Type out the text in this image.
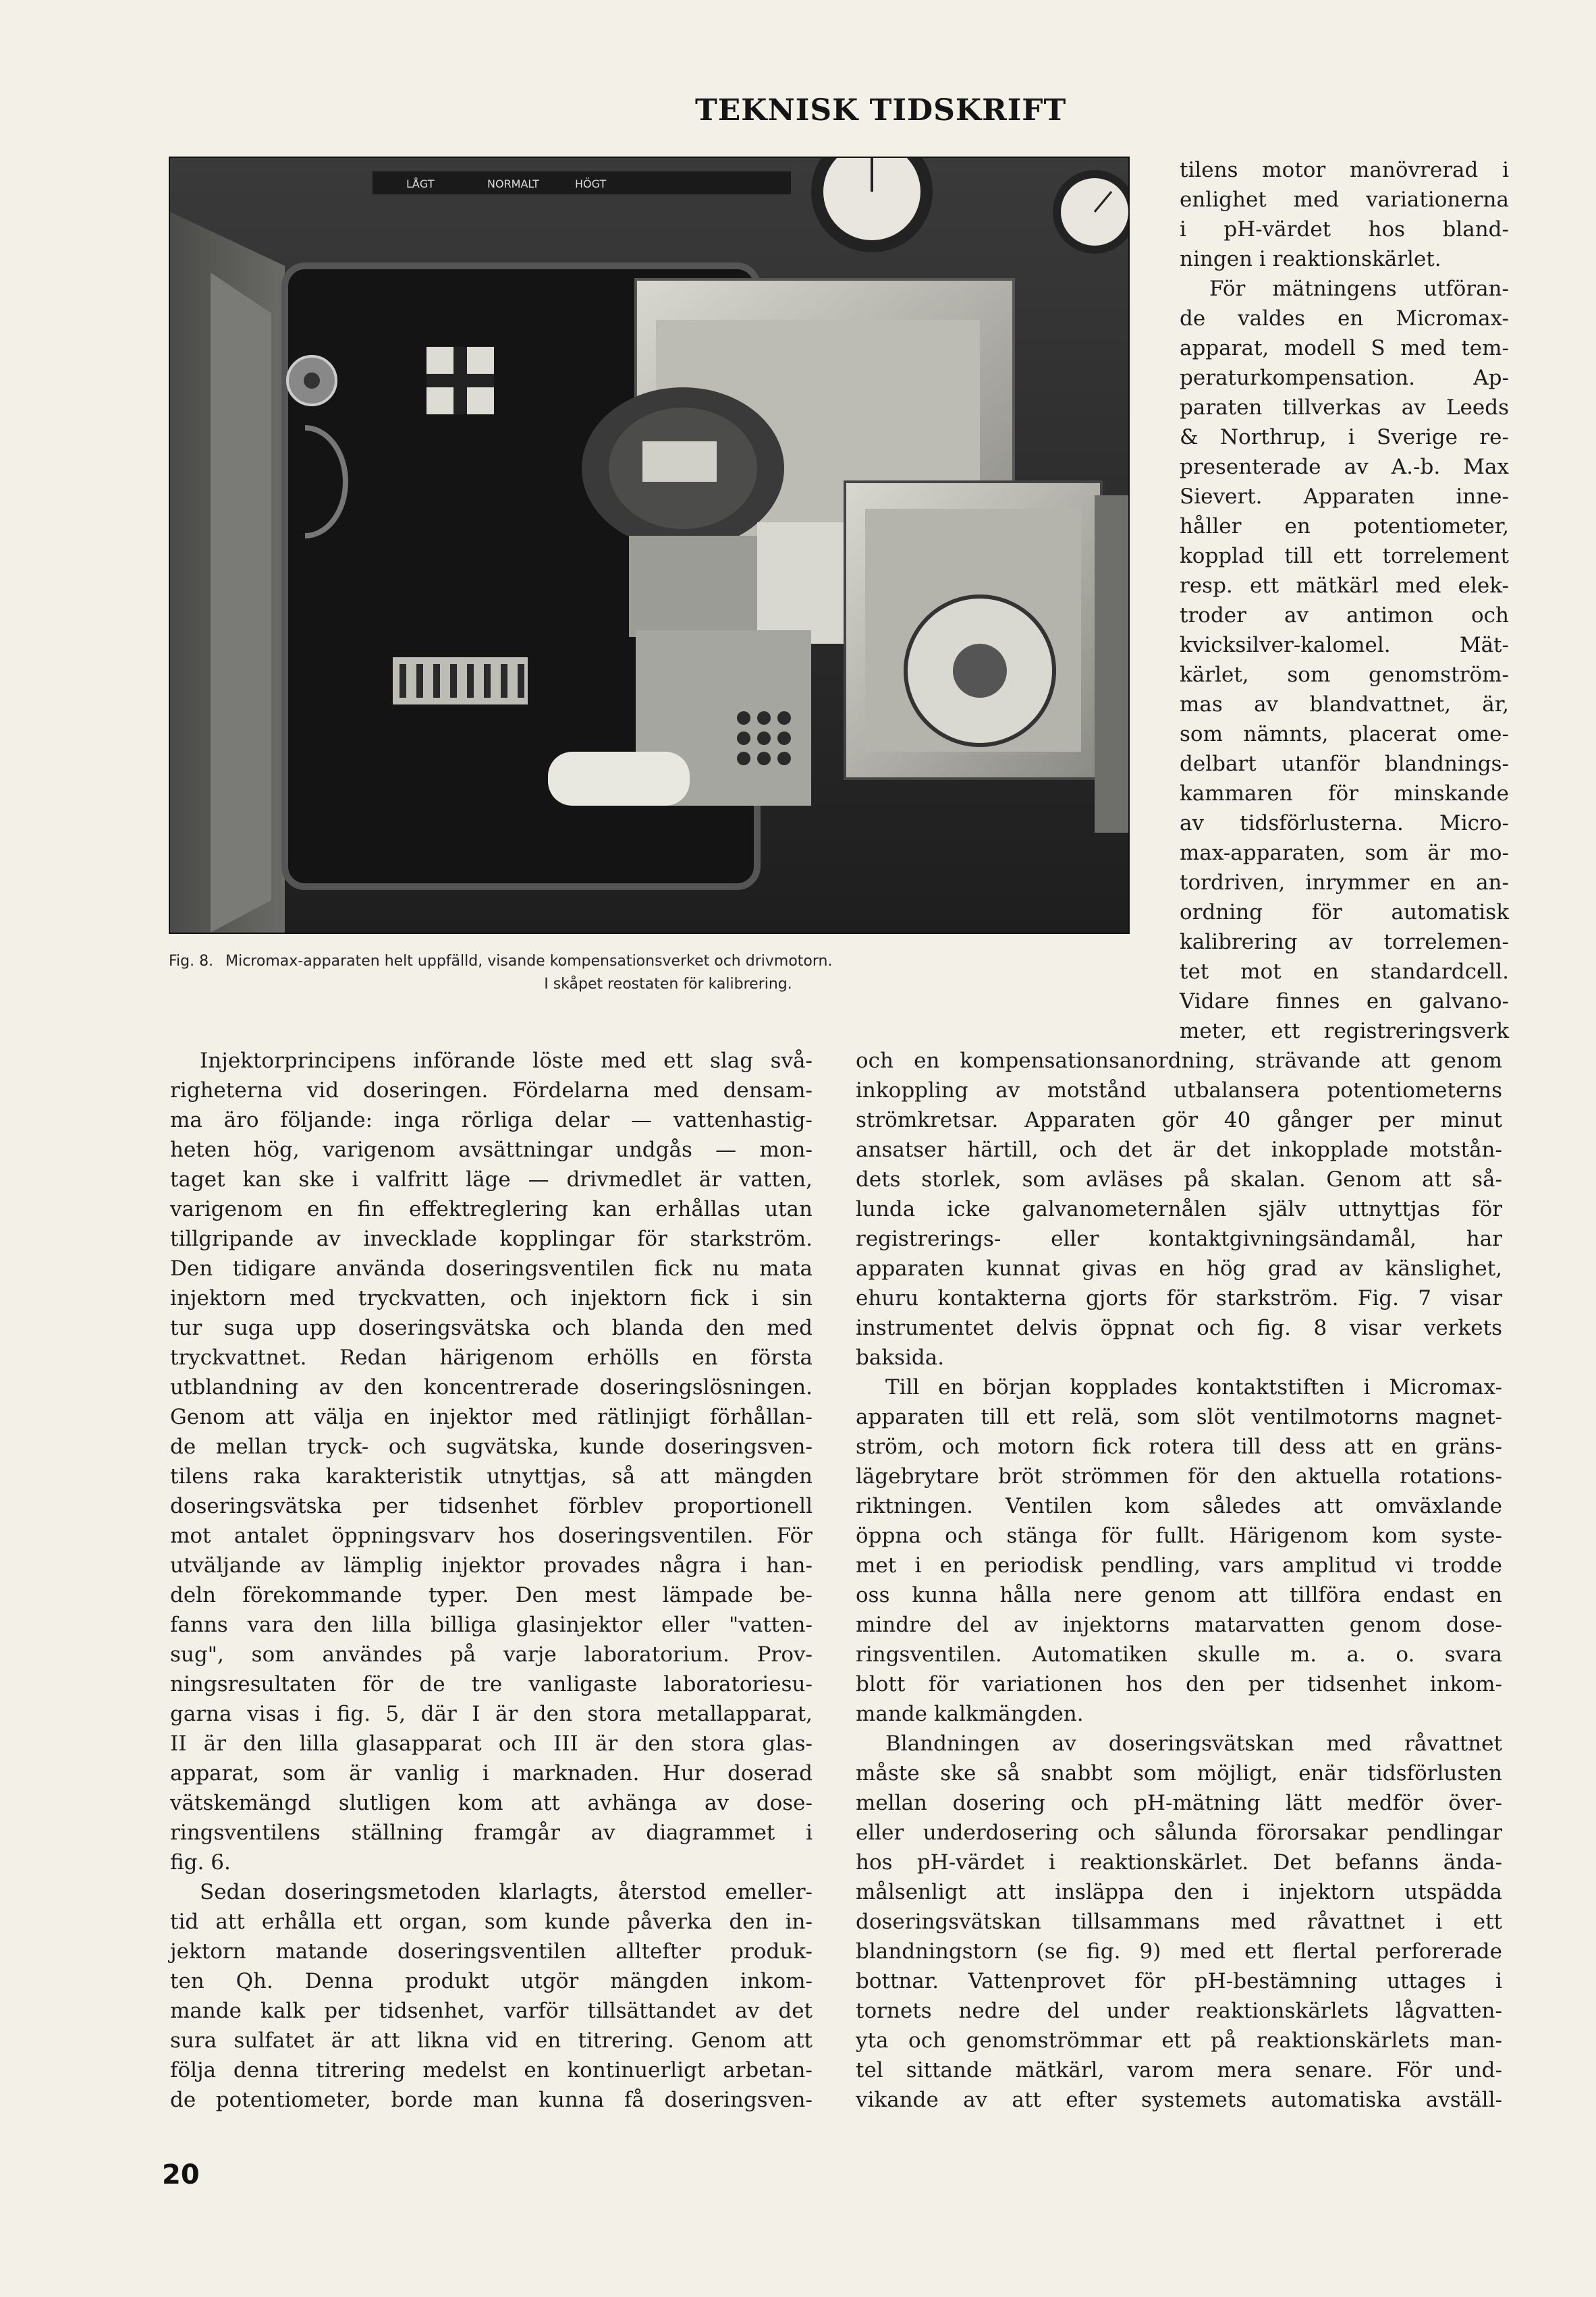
TEKNISK TIDSKRIFT
LÅGT	NORMALT	HÖGT
Fig. 8. Micromax-apparaten helt uppfälld, visande kompensationsverket och drivmotorn.
I skåpet reostaten för kalibrering.
tilens motor manövrerad i
enlighet med variationerna
i pH-värdet hos bland-
ningen i reaktionskärlet.
För mätningens utföran-
de valdes en Micromax-
apparat, modell S med tem-
peraturkompensation. Ap-
paraten tillverkas av Leeds
& Northrup, i Sverige re-
presenterade av A.-b. Max
Sievert. Apparaten inne-
håller en potentiometer,
kopplad till ett torrelement
resp. ett mätkärl med elek-
troder av antimon och
kvicksilver-kalomel. Mät-
kärlet, som genomström-
mas av blandvattnet, är,
som nämnts, placerat ome-
delbart utanför blandnings-
kammaren för minskande
av tidsförlusterna. Micro-
max-apparaten, som är mo-
tordriven, inrymmer en an-
ordning för automatisk
kalibrering av torrelemen-
tet mot en standardcell.
Vidare finnes en galvano-
meter, ett registreringsverk
Injektorprincipens införande löste med ett slag svå-
righeterna vid doseringen. Fördelarna med densam-
ma äro följande: inga rörliga delar — vattenhastig-
heten hög, varigenom avsättningar undgås — mon-
taget kan ske i valfritt läge — drivmedlet är vatten,
varigenom en fin effektreglering kan erhållas utan
tillgripande av invecklade kopplingar för starkström.
Den tidigare använda doseringsventilen fick nu mata
injektorn med tryckvatten, och injektorn fick i sin
tur suga upp doseringsvätska och blanda den med
tryckvattnet. Redan härigenom erhölls en första
utblandning av den koncentrerade doseringslösningen.
Genom att välja en injektor med rätlinjigt förhållan-
de mellan tryck- och sugvätska, kunde doseringsven-
tilens raka karakteristik utnyttjas, så att mängden
doseringsvätska per tidsenhet förblev proportionell
mot antalet öppningsvarv hos doseringsventilen. För
utväljande av lämplig injektor provades några i han-
deln förekommande typer. Den mest lämpade be-
fanns vara den lilla billiga glasinjektor eller "vatten-
sug", som användes på varje laboratorium. Prov-
ningsresultaten för de tre vanligaste laboratoriesu-
garna visas i fig. 5, där I är den stora metallapparat,
II är den lilla glasapparat och III är den stora glas-
apparat, som är vanlig i marknaden. Hur doserad
vätskemängd slutligen kom att avhänga av dose-
ringsventilens ställning framgår av diagrammet i
fig. 6.
Sedan doseringsmetoden klarlagts, återstod emeller-
tid att erhålla ett organ, som kunde påverka den in-
jektorn matande doseringsventilen alltefter produk-
ten Qh. Denna produkt utgör mängden inkom-
mande kalk per tidsenhet, varför tillsättandet av det
sura sulfatet är att likna vid en titrering. Genom att
följa denna titrering medelst en kontinuerligt arbetan-
de potentiometer, borde man kunna få doseringsven-
och en kompensationsanordning, strävande att genom
inkoppling av motstånd utbalansera potentiometerns
strömkretsar. Apparaten gör 40 gånger per minut
ansatser härtill, och det är det inkopplade motstån-
dets storlek, som avläses på skalan. Genom att så-
lunda icke galvanometernålen själv uttnyttjas för
registrerings- eller kontaktgivningsändamål, har
apparaten kunnat givas en hög grad av känslighet,
ehuru kontakterna gjorts för starkström. Fig. 7 visar
instrumentet delvis öppnat och fig. 8 visar verkets
baksida.
Till en början kopplades kontaktstiften i Micromax-
apparaten till ett relä, som slöt ventilmotorns magnet-
ström, och motorn fick rotera till dess att en gräns-
lägebrytare bröt strömmen för den aktuella rotations-
riktningen. Ventilen kom således att omväxlande
öppna och stänga för fullt. Härigenom kom syste-
met i en periodisk pendling, vars amplitud vi trodde
oss kunna hålla nere genom att tillföra endast en
mindre del av injektorns matarvatten genom dose-
ringsventilen. Automatiken skulle m. a. o. svara
blott för variationen hos den per tidsenhet inkom-
mande kalkmängden.
Blandningen av doseringsvätskan med råvattnet
måste ske så snabbt som möjligt, enär tidsförlusten
mellan dosering och pH-mätning lätt medför över-
eller underdosering och sålunda förorsakar pendlingar
hos pH-värdet i reaktionskärlet. Det befanns ända-
målsenligt att insläppa den i injektorn utspädda
doseringsvätskan tillsammans med råvattnet i ett
blandningstorn (se fig. 9) med ett flertal perforerade
bottnar. Vattenprovet för pH-bestämning uttages i
tornets nedre del under reaktionskärlets lågvatten-
yta och genomströmmar ett på reaktionskärlets man-
tel sittande mätkärl, varom mera senare. För und-
vikande av att efter systemets automatiska avställ-
20
